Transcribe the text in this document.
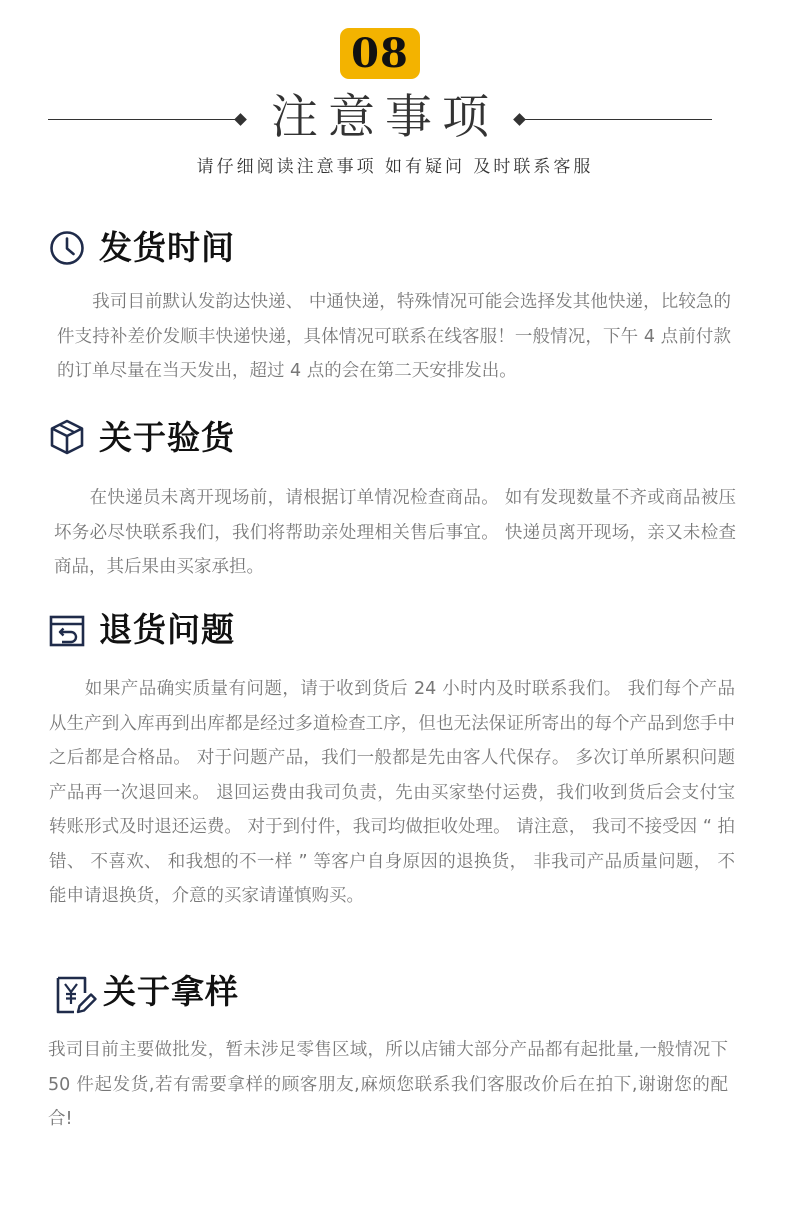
08
注意事项
请仔细阅读注意事项 如有疑问 及时联系客服
发货时间

　　我司目前默认发韵达快递、 中通快递，特殊情况可能会选择发其他快递，比较急的件支持补差价发顺丰快递快递，具体情况可联系在线客服！一般情况，下午 4 点前付款的订单尽量在当天发出，超过 4 点的会在第二天安排发出。

关于验货

　　在快递员未离开现场前，请根据订单情况检查商品。 如有发现数量不齐或商品被压坏务必尽快联系我们，我们将帮助亲处理相关售后事宜。 快递员离开现场，亲又未检查商品，其后果由买家承担。

退货问题

　　如果产品确实质量有问题，请于收到货后 24 小时内及时联系我们。 我们每个产品从生产到入库再到出库都是经过多道检查工序，但也无法保证所寄出的每个产品到您手中之后都是合格品。 对于问题产品，我们一般都是先由客人代保存。 多次订单所累积问题产品再一次退回来。 退回运费由我司负责，先由买家垫付运费，我们收到货后会支付宝转账形式及时退还运费。 对于到付件，我司均做拒收处理。 请注意， 我司不接受因 “ 拍错、 不喜欢、 和我想的不一样 ” 等客户自身原因的退换货， 非我司产品质量问题， 不能申请退换货，介意的买家请谨慎购买。

关于拿样

我司目前主要做批发，暂未涉足零售区域，所以店铺大部分产品都有起批量,一般情况下 50 件起发货,若有需要拿样的顾客朋友,麻烦您联系我们客服改价后在拍下,谢谢您的配合!
